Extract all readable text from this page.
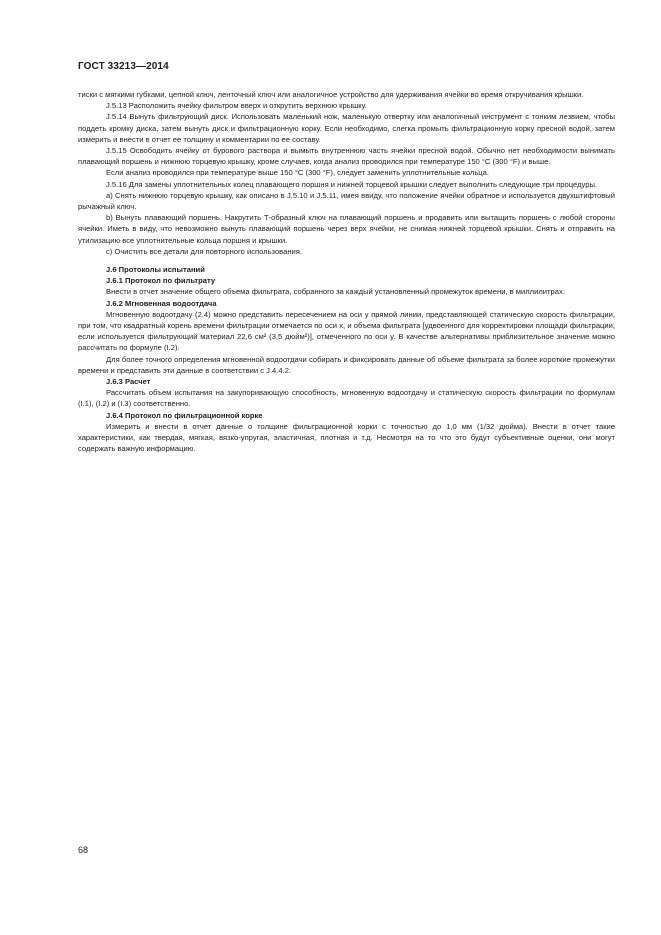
ГОСТ 33213—2014

тиски с мягкими губками, цепной ключ, ленточный ключ или аналогичное устройство для удерживания ячейки во время откручивания крышки.

J.5.13 Расположить ячейку фильтром вверх и открутить верхнюю крышку.

J.5.14 Вынуть фильтрующий диск. Использовать маленький нож, маленькую отвертку или аналогичный инструмент с тонким лезвием, чтобы поддеть кромку диска, затем вынуть диск и фильтрационную корку. Если необходимо, слегка промыть фильтрационную корку пресной водой, затем измерить и внести в отчет ее толщину и комментарии по ее составу.

J.5.15 Освободить ячейку от бурового раствора и вымыть внутреннюю часть ячейки пресной водой. Обычно нет необходимости вынимать плавающий поршень и нижнюю торцевую крышку, кроме случаев, когда анализ проводился при температуре 150 °С (300 °F) и выше.

Если анализ проводился при температуре выше 150 °С (300 °F), следует заменить уплотнительные кольца.

J.5.16 Для замены уплотнительных колец плавающего поршня и нижней торцевой крышки следует выполнить следующие три процедуры.

a) Снять нижнюю торцевую крышку, как описано в J.5.10 и J.5.11, имея ввиду, что положение ячейки обратное и используется двухштифтовый рычажный ключ.

b) Вынуть плавающий поршень. Накрутить Т-образный ключ на плавающий поршень и продавить или вытащить поршень с любой стороны ячейки. Иметь в виду, что невозможно вынуть плавающий поршень через верх ячейки, не снимая нижней торцевой крышки. Снять и отправить на утилизацию все уплотнительные кольца поршня и крышки.

c) Очистить все детали для повторного использования.

J.6 Протоколы испытаний

J.6.1 Протокол по фильтрату

Внести в отчет значение общего объема фильтрата, собранного за каждый установленный промежуток времени, в миллилитрах.

J.6.2 Мгновенная водоотдача

Мгновенную водоотдачу (2.4) можно представить пересечением на оси у прямой линии, представляющей статическую скорость фильтрации, при том, что квадратный корень времени фильтрации отмечается по оси x, и объема фильтрата [удвоенного для корректировки площади фильтрации, если используется фильтрующий материал 22,6 см² (3,5 дюйм²)], отмеченного по оси y. В качестве альтернативы приблизительное значение можно рассчитать по формуле (I.2).

Для более точного определения мгновенной водоотдачи собирать и фиксировать данные об объеме фильтрата за более короткие промежутки времени и представить эти данные в соответствии с J.4.4.2.

J.6.3 Расчет

Рассчитать объем испытания на закупоривающую способность, мгновенную водоотдачу и статическую скорость фильтрации по формулам (I.1), (I.2) и (I.3) соответственно.

J.6.4 Протокол по фильтрационной корке

Измерить и внести в отчет данные о толщине фильтрационной корки с точностью до 1,0 мм (1/32 дюйма). Внести в отчет такие характеристики, как твердая, мягкая, вязко-упругая, эластичная, плотная и т.д. Несмотря на то что это будут субъективные оценки, они могут содержать важную информацию.

68
